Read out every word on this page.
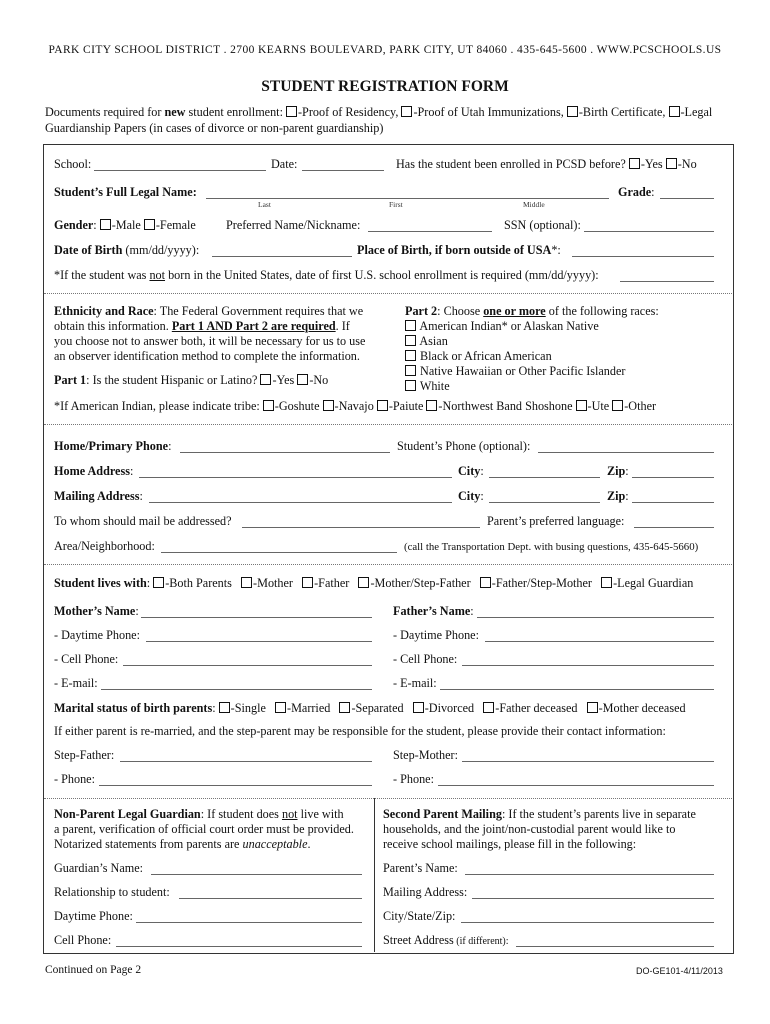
PARK CITY SCHOOL DISTRICT . 2700 KEARNS BOULEVARD, PARK CITY, UT 84060 . 435-645-5600 . WWW.PCSCHOOLS.US
STUDENT REGISTRATION FORM
Documents required for new student enrollment: -Proof of Residency, -Proof of Utah Immunizations, -Birth Certificate, -Legal Guardianship Papers (in cases of divorce or non-parent guardianship)
School:	Date:	Has the student been enrolled in PCSD before? -Yes -No
Student’s Full Legal Name:	Grade:
Last	First	Middle
Gender: -Male -Female Preferred Name/Nickname:	SSN (optional):
Date of Birth (mm/dd/yyyy):	Place of Birth, if born outside of USA*:
*If the student was not born in the United States, date of first U.S. school enrollment is required (mm/dd/yyyy):
Ethnicity and Race: The Federal Government requires that we
obtain this information. Part 1 AND Part 2 are required. If
you choose not to answer both, it will be necessary for us to use
an observer identification method to complete the information.
Part 1: Is the student Hispanic or Latino? -Yes -No
Part 2: Choose one or more of the following races:
American Indian* or Alaskan Native
Asian
Black or African American
Native Hawaiian or Other Pacific Islander
White
*If American Indian, please indicate tribe: -Goshute -Navajo -Paiute -Northwest Band Shoshone -Ute -Other
Home/Primary Phone:	Student’s Phone (optional):
Home Address:	City:	Zip:
Mailing Address:	City:	Zip:
To whom should mail be addressed?	Parent’s preferred language:
Area/Neighborhood:	(call the Transportation Dept. with busing questions, 435-645-5660)
Student lives with: -Both Parents -Mother -Father -Mother/Step-Father -Father/Step-Mother -Legal Guardian
Mother’s Name:	Father’s Name:
- Daytime Phone:	- Daytime Phone:
- Cell Phone:	- Cell Phone:
- E-mail:	- E-mail:
Marital status of birth parents: -Single -Married -Separated -Divorced -Father deceased -Mother deceased
If either parent is re-married, and the step-parent may be responsible for the student, please provide their contact information:
Step-Father:	Step-Mother:
- Phone:	- Phone:
Non-Parent Legal Guardian: If student does not live with
a parent, verification of official court order must be provided.
Notarized statements from parents are unacceptable.
Guardian’s Name:
Relationship to student:
Daytime Phone:
Cell Phone:
Second Parent Mailing: If the student’s parents live in separate
households, and the joint/non-custodial parent would like to
receive school mailings, please fill in the following:
Parent’s Name:
Mailing Address:
City/State/Zip:
Street Address (if different):
Continued on Page 2	DO-GE101-4/11/2013
